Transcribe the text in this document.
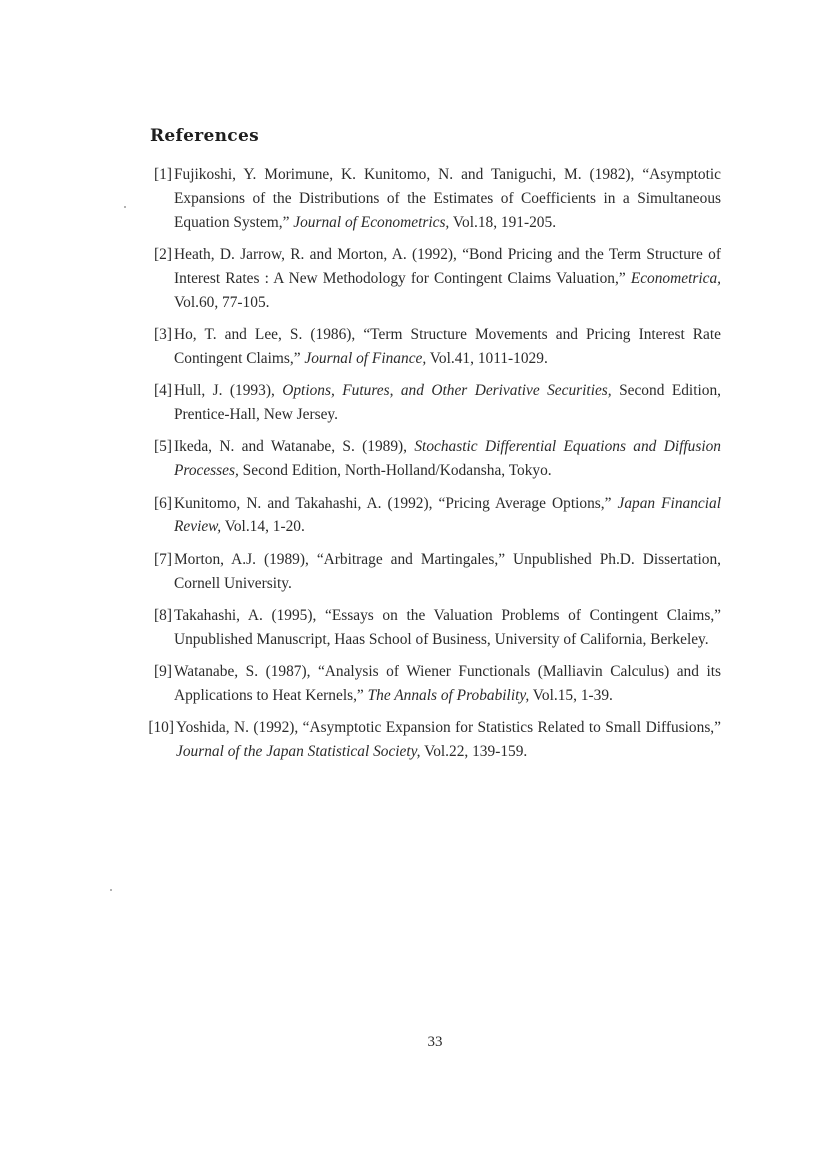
References
[1] Fujikoshi, Y. Morimune, K. Kunitomo, N. and Taniguchi, M. (1982), “Asymptotic Expansions of the Distributions of the Estimates of Coefficients in a Simultaneous Equation System,” Journal of Econometrics, Vol.18, 191-205.
[2] Heath, D. Jarrow, R. and Morton, A. (1992), “Bond Pricing and the Term Structure of Interest Rates : A New Methodology for Contingent Claims Valuation,” Econometrica, Vol.60, 77-105.
[3] Ho, T. and Lee, S. (1986), “Term Structure Movements and Pricing Interest Rate Contingent Claims,” Journal of Finance, Vol.41, 1011-1029.
[4] Hull, J. (1993), Options, Futures, and Other Derivative Securities, Second Edition, Prentice-Hall, New Jersey.
[5] Ikeda, N. and Watanabe, S. (1989), Stochastic Differential Equations and Diffusion Processes, Second Edition, North-Holland/Kodansha, Tokyo.
[6] Kunitomo, N. and Takahashi, A. (1992), “Pricing Average Options,” Japan Financial Review, Vol.14, 1-20.
[7] Morton, A.J. (1989), “Arbitrage and Martingales,” Unpublished Ph.D. Dissertation, Cornell University.
[8] Takahashi, A. (1995), “Essays on the Valuation Problems of Contingent Claims,” Unpublished Manuscript, Haas School of Business, University of California, Berkeley.
[9] Watanabe, S. (1987), “Analysis of Wiener Functionals (Malliavin Calculus) and its Applications to Heat Kernels,” The Annals of Probability, Vol.15, 1-39.
[10] Yoshida, N. (1992), “Asymptotic Expansion for Statistics Related to Small Diffusions,” Journal of the Japan Statistical Society, Vol.22, 139-159.
33
